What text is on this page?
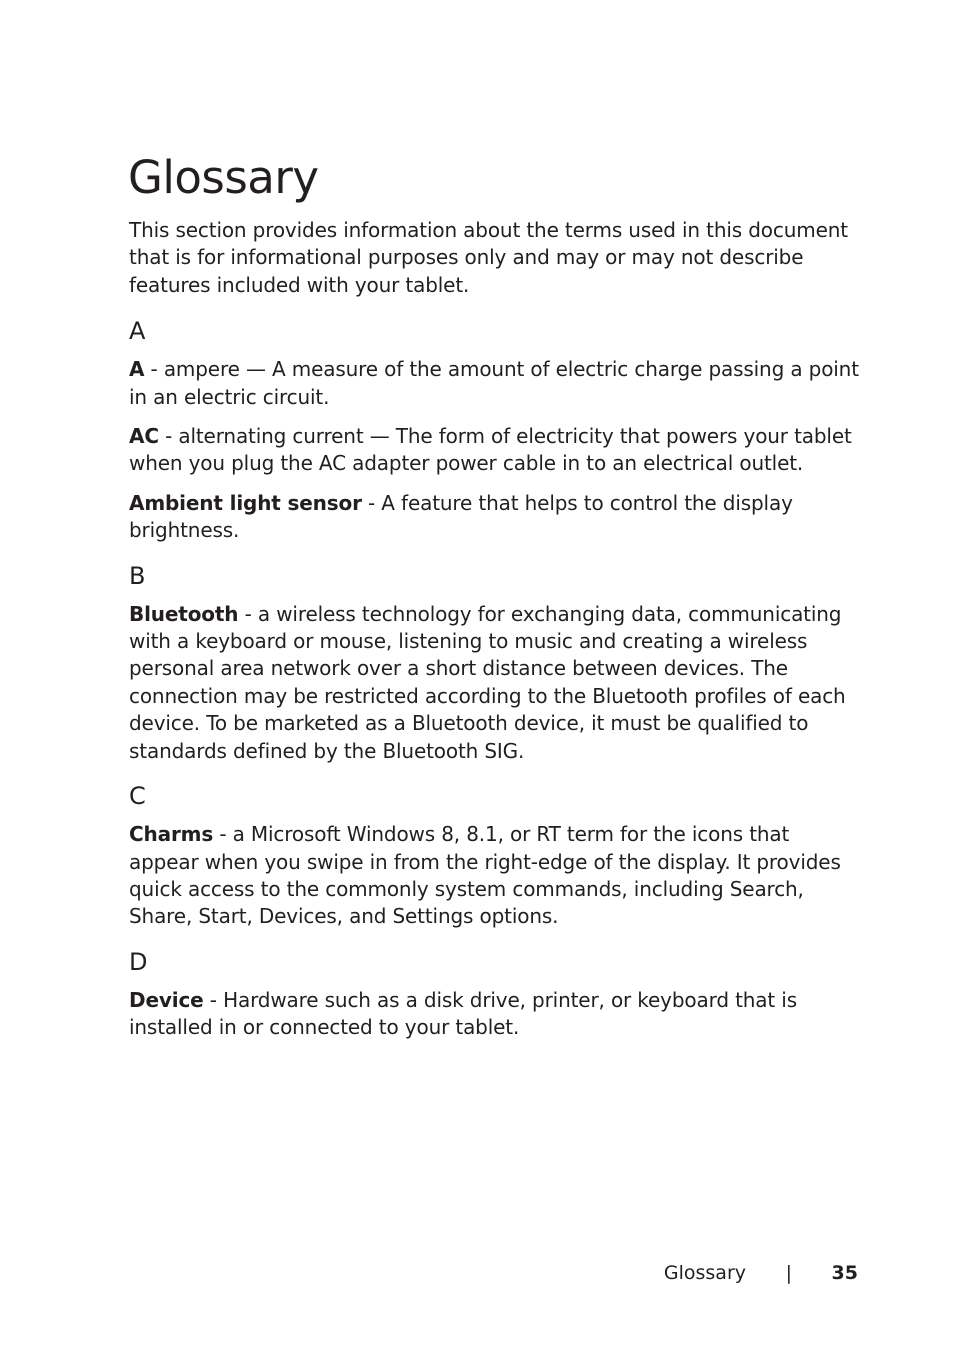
Glossary

This section provides information about the terms used in this document that is for informational purposes only and may or may not describe features included with your tablet.

A

A - ampere — A measure of the amount of electric charge passing a point in an electric circuit.

AC - alternating current — The form of electricity that powers your tablet when you plug the AC adapter power cable in to an electrical outlet.

Ambient light sensor - A feature that helps to control the display brightness.

B

Bluetooth - a wireless technology for exchanging data, communicating with a keyboard or mouse, listening to music and creating a wireless personal area network over a short distance between devices. The connection may be restricted according to the Bluetooth profiles of each device. To be marketed as a Bluetooth device, it must be qualified to standards defined by the Bluetooth SIG.

C

Charms - a Microsoft Windows 8, 8.1, or RT term for the icons that appear when you swipe in from the right-edge of the display. It provides quick access to the commonly system commands, including Search, Share, Start, Devices, and Settings options.

D

Device - Hardware such as a disk drive, printer, or keyboard that is installed in or connected to your tablet.

Glossary | 35
